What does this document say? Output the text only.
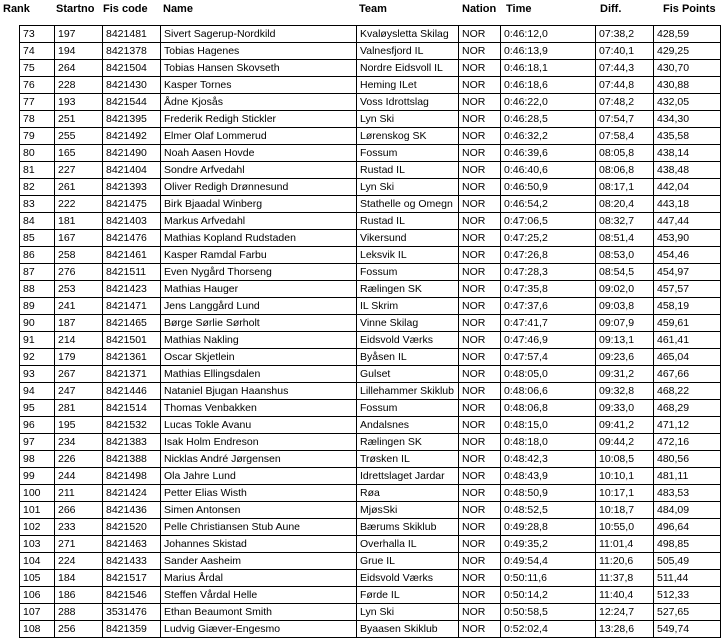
Rank Startno Fis code Name	Team	Nation Time	Diff.	Fis Points
73	197	8421481	Sivert Sagerup-Nordkild	Kvaløysletta Skilag	NOR	0:46:12,0	07:38,2	428,59
74	194	8421378	Tobias Hagenes	Valnesfjord IL	NOR	0:46:13,9	07:40,1	429,25
75	264	8421504	Tobias Hansen Skovseth	Nordre Eidsvoll IL	NOR	0:46:18,1	07:44,3	430,70
76	228	8421430	Kasper Tornes	Heming ILet	NOR	0:46:18,6	07:44,8	430,88
77	193	8421544	Ådne Kjosås	Voss Idrottslag	NOR	0:46:22,0	07:48,2	432,05
78	251	8421395	Frederik Redigh Stickler	Lyn Ski	NOR	0:46:28,5	07:54,7	434,30
79	255	8421492	Elmer Olaf Lommerud	Lørenskog SK	NOR	0:46:32,2	07:58,4	435,58
80	165	8421490	Noah Aasen Hovde	Fossum	NOR	0:46:39,6	08:05,8	438,14
81	227	8421404	Sondre Arfvedahl	Rustad IL	NOR	0:46:40,6	08:06,8	438,48
82	261	8421393	Oliver Redigh Drønnesund	Lyn Ski	NOR	0:46:50,9	08:17,1	442,04
83	222	8421475	Birk Bjaadal Winberg	Stathelle og Omegn	NOR	0:46:54,2	08:20,4	443,18
84	181	8421403	Markus Arfvedahl	Rustad IL	NOR	0:47:06,5	08:32,7	447,44
85	167	8421476	Mathias Kopland Rudstaden	Vikersund	NOR	0:47:25,2	08:51,4	453,90
86	258	8421461	Kasper Ramdal Farbu	Leksvik IL	NOR	0:47:26,8	08:53,0	454,46
87	276	8421511	Even Nygård Thorseng	Fossum	NOR	0:47:28,3	08:54,5	454,97
88	253	8421423	Mathias Hauger	Rælingen SK	NOR	0:47:35,8	09:02,0	457,57
89	241	8421471	Jens Langgård Lund	IL Skrim	NOR	0:47:37,6	09:03,8	458,19
90	187	8421465	Børge Sørlie Sørholt	Vinne Skilag	NOR	0:47:41,7	09:07,9	459,61
91	214	8421501	Mathias Nakling	Eidsvold Værks	NOR	0:47:46,9	09:13,1	461,41
92	179	8421361	Oscar Skjetlein	Byåsen IL	NOR	0:47:57,4	09:23,6	465,04
93	267	8421371	Mathias Ellingsdalen	Gulset	NOR	0:48:05,0	09:31,2	467,66
94	247	8421446	Nataniel Bjugan Haanshus	Lillehammer Skiklub	NOR	0:48:06,6	09:32,8	468,22
95	281	8421514	Thomas Venbakken	Fossum	NOR	0:48:06,8	09:33,0	468,29
96	195	8421532	Lucas Tokle Avanu	Andalsnes	NOR	0:48:15,0	09:41,2	471,12
97	234	8421383	Isak Holm Endreson	Rælingen SK	NOR	0:48:18,0	09:44,2	472,16
98	226	8421388	Nicklas André Jørgensen	Trøsken IL	NOR	0:48:42,3	10:08,5	480,56
99	244	8421498	Ola Jahre Lund	Idrettslaget Jardar	NOR	0:48:43,9	10:10,1	481,11
100	211	8421424	Petter Elias Wisth	Røa	NOR	0:48:50,9	10:17,1	483,53
101	266	8421436	Simen Antonsen	MjøsSki	NOR	0:48:52,5	10:18,7	484,09
102	233	8421520	Pelle Christiansen Stub Aune	Bærums Skiklub	NOR	0:49:28,8	10:55,0	496,64
103	271	8421463	Johannes Skistad	Overhalla IL	NOR	0:49:35,2	11:01,4	498,85
104	224	8421433	Sander Aasheim	Grue IL	NOR	0:49:54,4	11:20,6	505,49
105	184	8421517	Marius Årdal	Eidsvold Værks	NOR	0:50:11,6	11:37,8	511,44
106	186	8421546	Steffen Vårdal Helle	Førde IL	NOR	0:50:14,2	11:40,4	512,33
107	288	3531476	Ethan Beaumont Smith	Lyn Ski	NOR	0:50:58,5	12:24,7	527,65
108	256	8421359	Ludvig Giæver-Engesmo	Byaasen Skiklub	NOR	0:52:02,4	13:28,6	549,74
